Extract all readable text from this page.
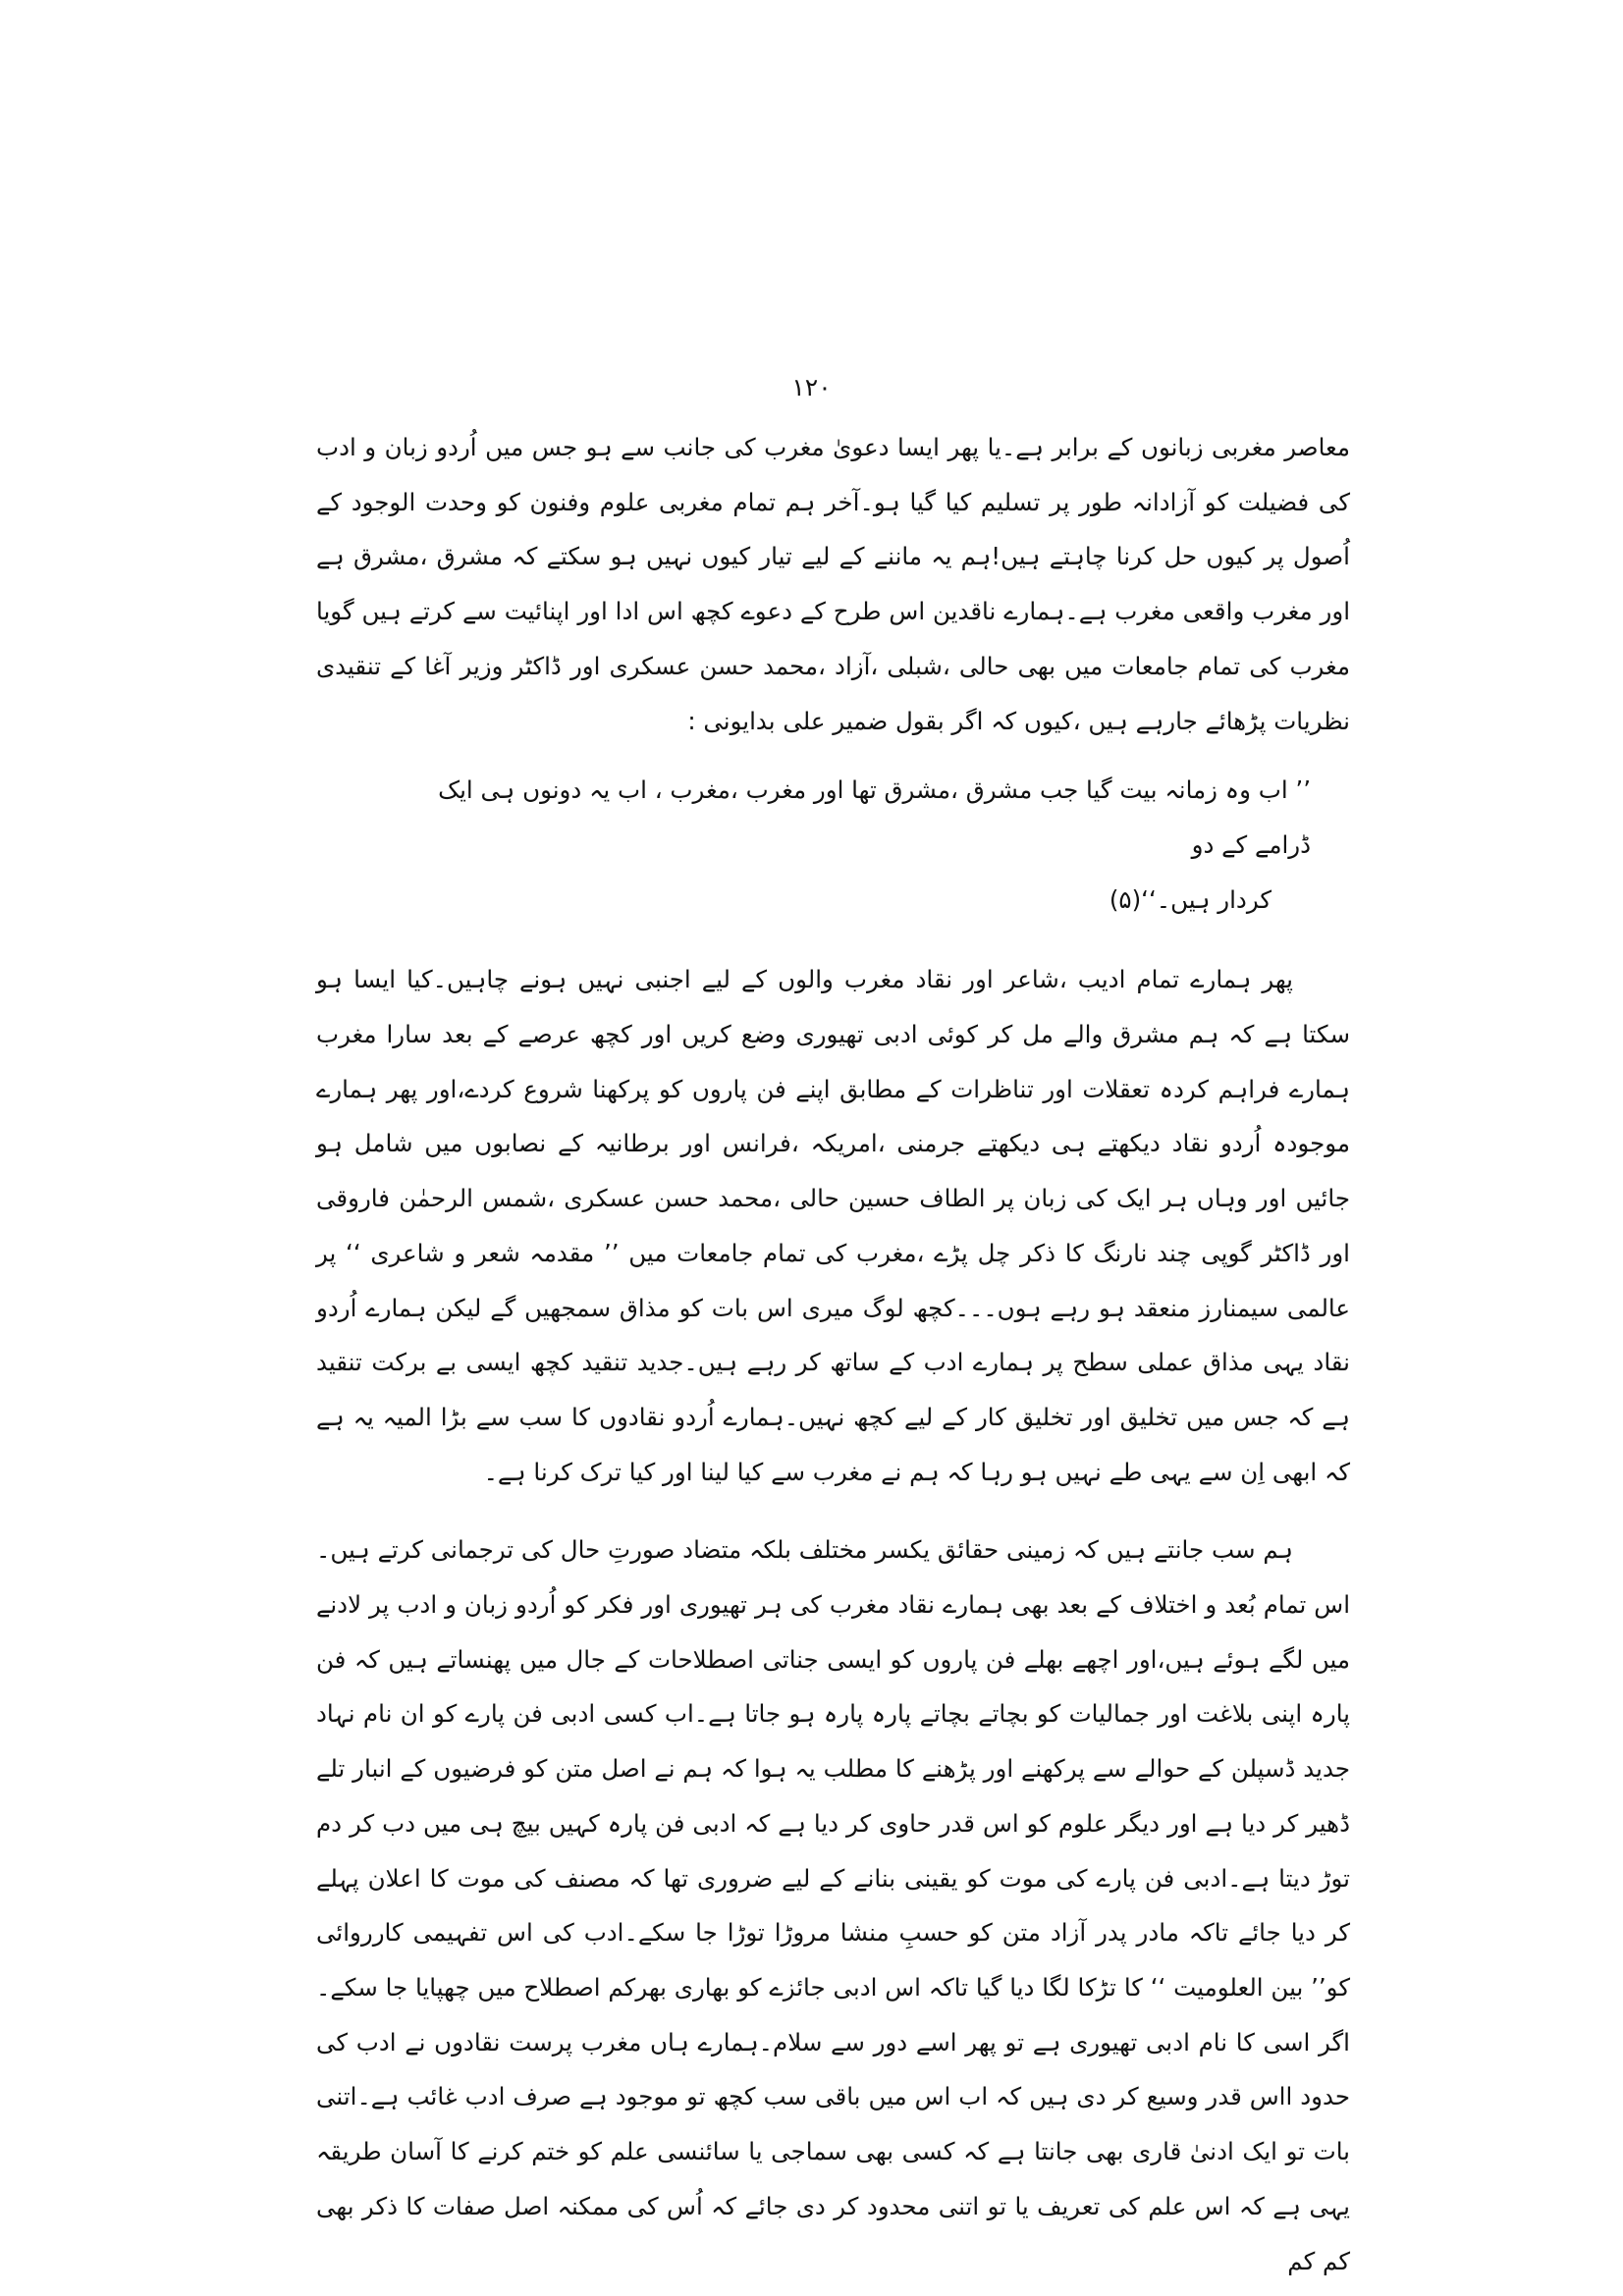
۱۲۰

معاصر مغربی زبانوں کے برابر ہے۔یا پھر ایسا دعویٰ مغرب کی جانب سے ہو جس میں اُردو زبان و ادب کی فضیلت کو آزادانہ طور پر تسلیم کیا گیا ہو۔آخر ہم تمام مغربی علوم وفنون کو وحدت الوجود کے اُصول پر کیوں حل کرنا چاہتے ہیں!ہم یہ ماننے کے لیے تیار کیوں نہیں ہو سکتے کہ مشرق ،مشرق ہے اور مغرب واقعی مغرب ہے۔ہمارے ناقدین اس طرح کے دعوے کچھ اس ادا اور اپنائیت سے کرتے ہیں گویا مغرب کی تمام جامعات میں بھی حالی ،شبلی ،آزاد ،محمد حسن عسکری اور ڈاکٹر وزیر آغا کے تنقیدی نظریات پڑھائے جارہے ہیں ،کیوں کہ اگر بقول ضمیر علی بدایونی :

’’ اب وہ زمانہ بیت گیا جب مشرق ،مشرق تھا اور مغرب ،مغرب ، اب یہ دونوں ہی ایک ڈرامے کے دو
کردار ہیں۔‘‘(۵)

پھر ہمارے تمام ادیب ،شاعر اور نقاد مغرب والوں کے لیے اجنبی نہیں ہونے چاہیں۔کیا ایسا ہو سکتا ہے کہ ہم مشرق والے مل کر کوئی ادبی تھیوری وضع کریں اور کچھ عرصے کے بعد سارا مغرب ہمارے فراہم کردہ تعقلات اور تناظرات کے مطابق اپنے فن پاروں کو پرکھنا شروع کردے،اور پھر ہمارے موجودہ اُردو نقاد دیکھتے ہی دیکھتے جرمنی ،امریکہ ،فرانس اور برطانیہ کے نصابوں میں شامل ہو جائیں اور وہاں ہر ایک کی زبان پر الطاف حسین حالی ،محمد حسن عسکری ،شمس الرحمٰن فاروقی اور ڈاکٹر گوپی چند نارنگ کا ذکر چل پڑے ،مغرب کی تمام جامعات میں ’’ مقدمہ شعر و شاعری ‘‘ پر عالمی سیمنارز منعقد ہو رہے ہوں۔۔۔کچھ لوگ میری اس بات کو مذاق سمجھیں گے لیکن ہمارے اُردو نقاد یہی مذاق عملی سطح پر ہمارے ادب کے ساتھ کر رہے ہیں۔جدید تنقید کچھ ایسی بے برکت تنقید ہے کہ جس میں تخلیق اور تخلیق کار کے لیے کچھ نہیں۔ہمارے اُردو نقادوں کا سب سے بڑا المیہ یہ ہے کہ ابھی اِن سے یہی طے نہیں ہو رہا کہ ہم نے مغرب سے کیا لینا اور کیا ترک کرنا ہے۔

ہم سب جانتے ہیں کہ زمینی حقائق یکسر مختلف بلکہ متضاد صورتِ حال کی ترجمانی کرتے ہیں۔اس تمام بُعد و اختلاف کے بعد بھی ہمارے نقاد مغرب کی ہر تھیوری اور فکر کو اُردو زبان و ادب پر لادنے میں لگے ہوئے ہیں،اور اچھے بھلے فن پاروں کو ایسی جناتی اصطلاحات کے جال میں پھنساتے ہیں کہ فن پارہ اپنی بلاغت اور جمالیات کو بچاتے بچاتے پارہ پارہ ہو جاتا ہے۔اب کسی ادبی فن پارے کو ان نام نہاد جدید ڈسپلن کے حوالے سے پرکھنے اور پڑھنے کا مطلب یہ ہوا کہ ہم نے اصل متن کو فرضیوں کے انبار تلے ڈھیر کر دیا ہے اور دیگر علوم کو اس قدر حاوی کر دیا ہے کہ ادبی فن پارہ کہیں بیچ ہی میں دب کر دم توڑ دیتا ہے۔ادبی فن پارے کی موت کو یقینی بنانے کے لیے ضروری تھا کہ مصنف کی موت کا اعلان پہلے کر دیا جائے تاکہ مادر پدر آزاد متن کو حسبِ منشا مروڑا توڑا جا سکے۔ادب کی اس تفہیمی کارروائی کو’’ بین العلومیت ‘‘ کا تڑکا لگا دیا گیا تاکہ اس ادبی جائزے کو بھاری بھرکم اصطلاح میں چھپایا جا سکے۔اگر اسی کا نام ادبی تھیوری ہے تو پھر اسے دور سے سلام۔ہمارے ہاں مغرب پرست نقادوں نے ادب کی حدود ااس قدر وسیع کر دی ہیں کہ اب اس میں باقی سب کچھ تو موجود ہے صرف ادب غائب ہے۔اتنی بات تو ایک ادنیٰ قاری بھی جانتا ہے کہ کسی بھی سماجی یا سائنسی علم کو ختم کرنے کا آسان طریقہ یہی ہے کہ اس علم کی تعریف یا تو اتنی محدود کر دی جائے کہ اُس کی ممکنہ اصل صفات کا ذکر بھی کم کم
